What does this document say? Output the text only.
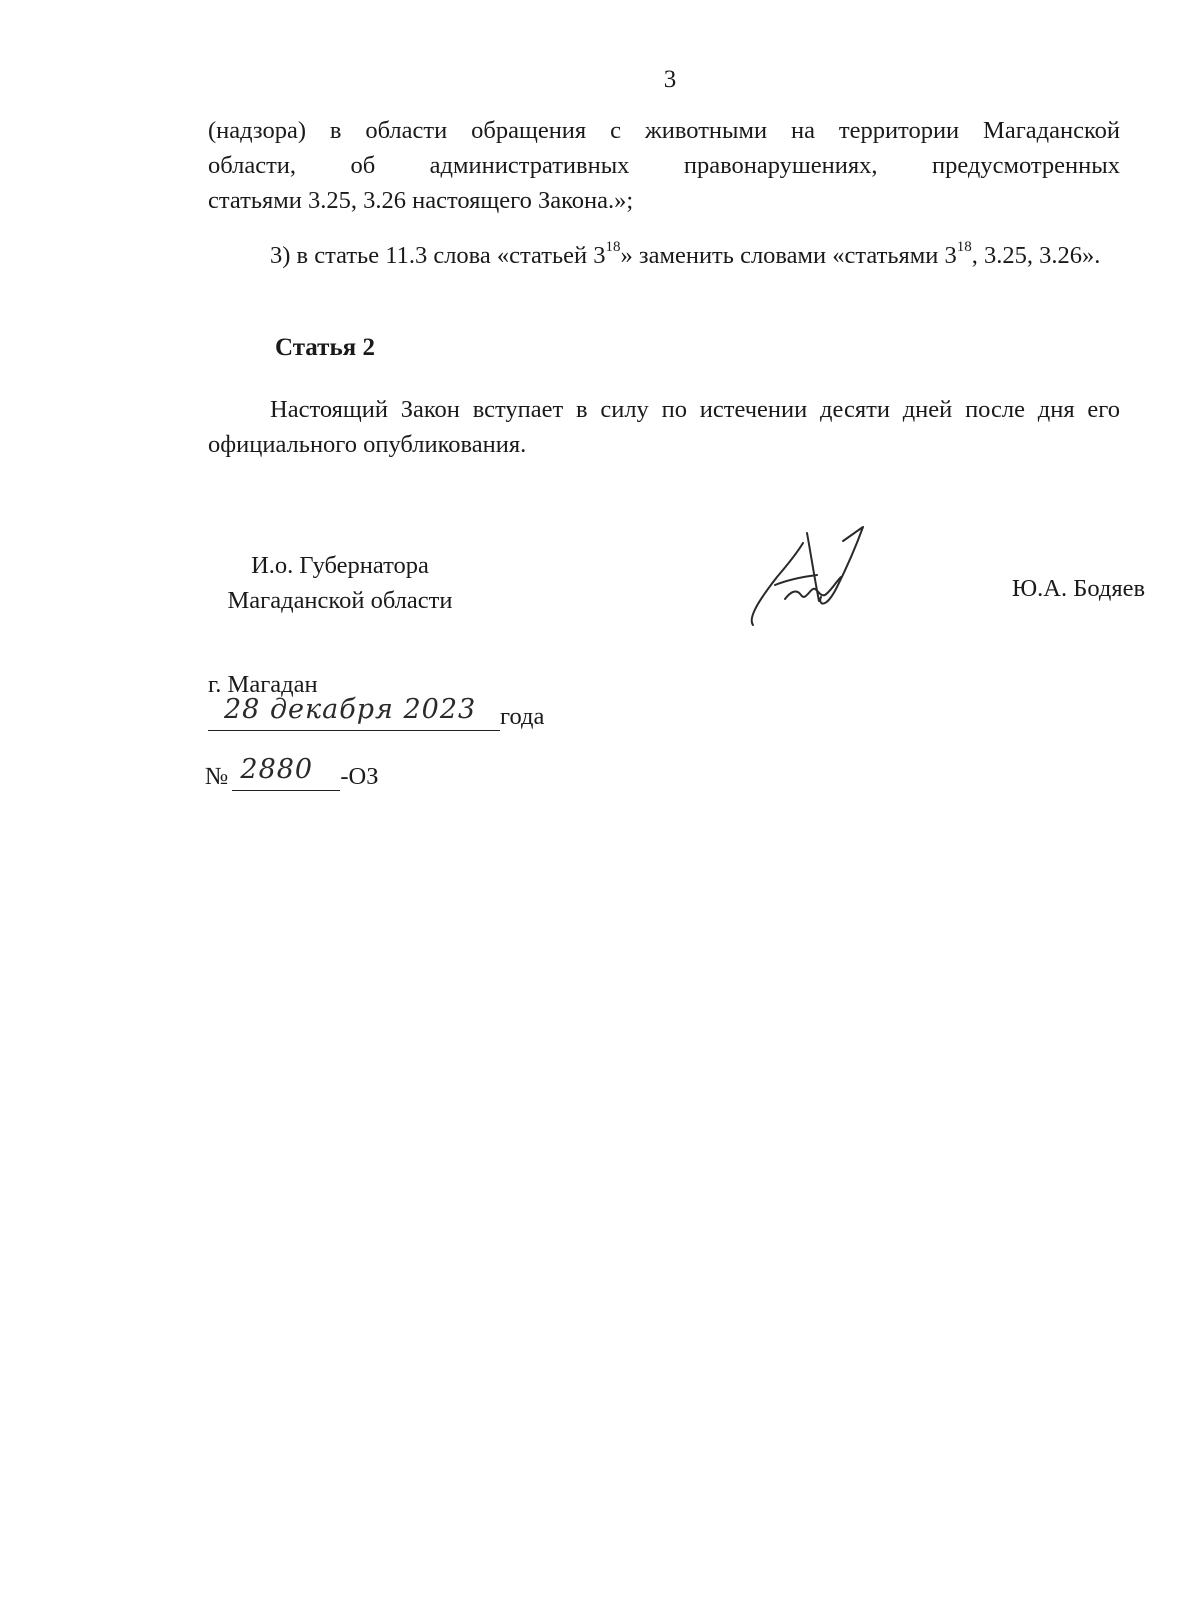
3
(надзора) в области обращения с животными на территории Магаданской
области, об административных правонарушениях, предусмотренных
статьями 3.25, 3.26 настоящего Закона.»;
3) в статье 11.3 слова «статьей $3^{18}$» заменить словами «статьями $3^{18}$, 3.25, 3.26».
Статья 2
Настоящий Закон вступает в силу по истечении десяти дней после дня его официального опубликования.
И.о. Губернатора
Магаданской области	Ю.А. Бодяев
г. Магадан
28 декабря 2023 года
№ 2880 -ОЗ
